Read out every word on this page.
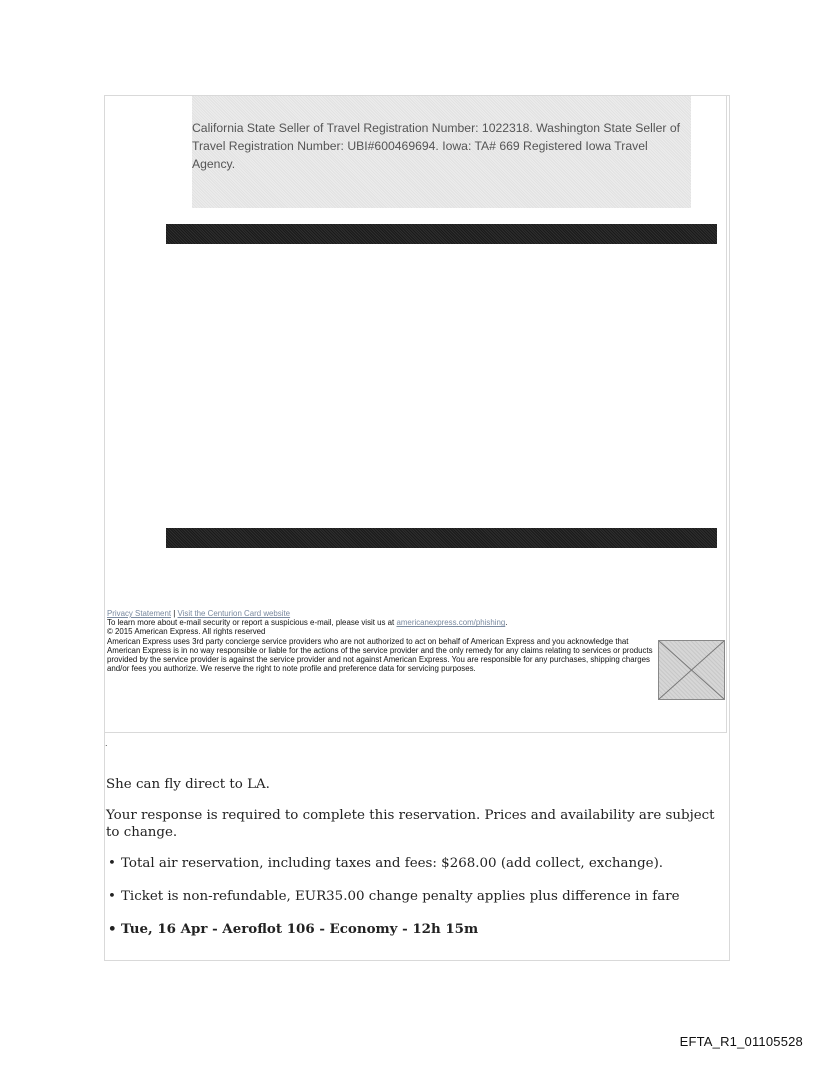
California State Seller of Travel Registration Number: 1022318. Washington State Seller of Travel Registration Number: UBI#600469694. Iowa: TA# 669 Registered Iowa Travel Agency.

Privacy Statement | Visit the Centurion Card website
To learn more about e-mail security or report a suspicious e-mail, please visit us at americanexpress.com/phishing.
© 2015 American Express. All rights reserved
American Express uses 3rd party concierge service providers who are not authorized to act on behalf of American Express and you acknowledge that American Express is in no way responsible or liable for the actions of the service provider and the only remedy for any claims relating to services or products provided by the service provider is against the service provider and not against American Express. You are responsible for any purchases, shipping charges and/or fees you authorize. We reserve the right to note profile and preference data for servicing purposes.
.

She can fly direct to LA.

Your response is required to complete this reservation. Prices and availability are subject to change.

• Total air reservation, including taxes and fees: $268.00 (add collect, exchange).
• Ticket is non-refundable, EUR35.00 change penalty applies plus difference in fare
• Tue, 16 Apr - Aeroflot 106 - Economy - 12h 15m
EFTA_R1_01105528
